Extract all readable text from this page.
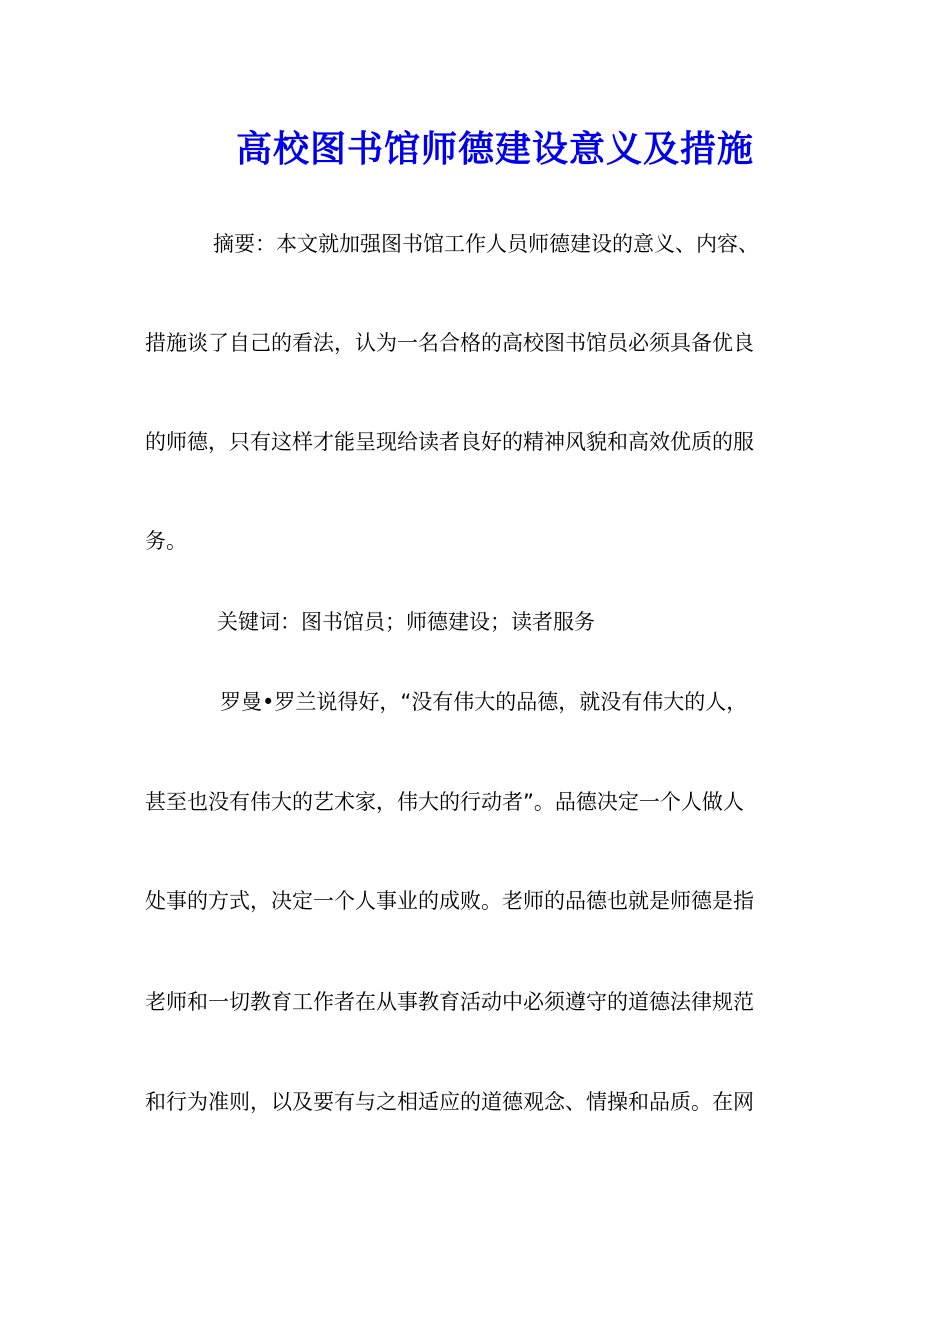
高校图书馆师德建设意义及措施
摘要：本文就加强图书馆工作人员师德建设的意义、内容、
措施谈了自己的看法，认为一名合格的高校图书馆员必须具备优良
的师德，只有这样才能呈现给读者良好的精神风貌和高效优质的服
务。
关键词：图书馆员；师德建设；读者服务
罗曼•罗兰说得好，“没有伟大的品德，就没有伟大的人，
甚至也没有伟大的艺术家，伟大的行动者”。品德决定一个人做人
处事的方式，决定一个人事业的成败。老师的品德也就是师德是指
老师和一切教育工作者在从事教育活动中必须遵守的道德法律规范
和行为准则，以及要有与之相适应的道德观念、情操和品质。在网
